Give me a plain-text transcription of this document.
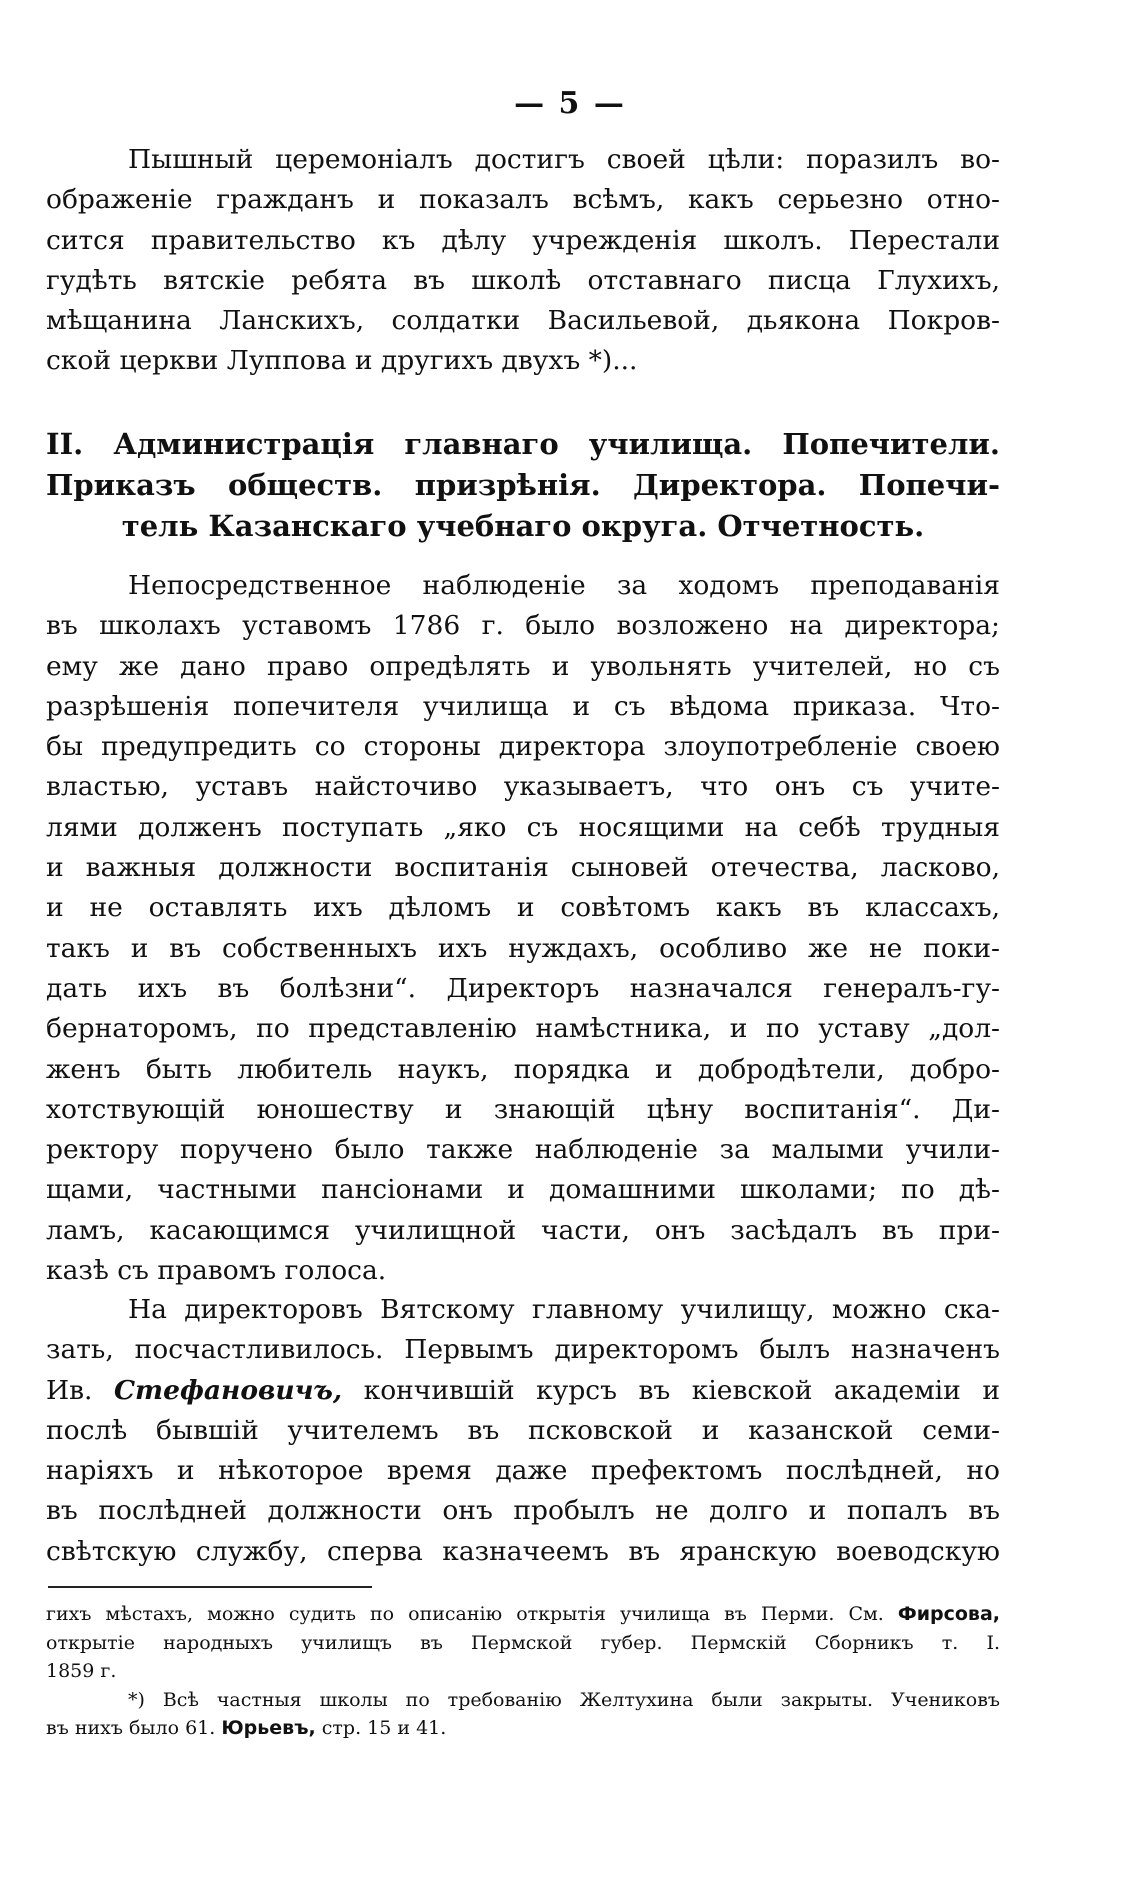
— 5 —
Пышный церемоніалъ достигъ своей цѣли: поразилъ во-
ображеніе гражданъ и показалъ всѣмъ, какъ серьезно отно-
сится правительство къ дѣлу учрежденія школъ. Перестали
гудѣть вятскіе ребята въ школѣ отставнаго писца Глухихъ,
мѣщанина Ланскихъ, солдатки Васильевой, дьякона Покров-
ской церкви Луппова и другихъ двухъ *)...
II. Администрація главнаго училища. Попечители.
Приказъ обществ. призрѣнія. Директора. Попечи-
тель Казанскаго учебнаго округа. Отчетность.
Непосредственное наблюденіе за ходомъ преподаванія
въ школахъ уставомъ 1786 г. было возложено на директора;
ему же дано право опредѣлять и увольнять учителей, но съ
разрѣшенія попечителя училища и съ вѣдома приказа. Что-
бы предупредить со стороны директора злоупотребленіе своею
властью, уставъ найсточиво указываетъ, что онъ съ учите-
лями долженъ поступать „яко съ носящими на себѣ трудныя
и важныя должности воспитанія сыновей отечества, ласково,
и не оставлять ихъ дѣломъ и совѣтомъ какъ въ классахъ,
такъ и въ собственныхъ ихъ нуждахъ, особливо же не поки-
дать ихъ въ болѣзни“. Директоръ назначался генералъ-гу-
бернаторомъ, по представленію намѣстника, и по уставу „дол-
женъ быть любитель наукъ, порядка и добродѣтели, добро-
хотствующій юношеству и знающій цѣну воспитанія“. Ди-
ректору поручено было также наблюденіе за малыми учили-
щами, частными пансіонами и домашними школами; по дѣ-
ламъ, касающимся училищной части, онъ засѣдалъ въ при-
казѣ съ правомъ голоса.
На директоровъ Вятскому главному училищу, можно ска-
зать, посчастливилось. Первымъ директоромъ былъ назначенъ
Ив. Стефановичъ, кончившій курсъ въ кіевской академіи и
послѣ бывшій учителемъ въ псковской и казанской семи-
наріяхъ и нѣкоторое время даже префектомъ послѣдней, но
въ послѣдней должности онъ пробылъ не долго и попалъ въ
свѣтскую службу, сперва казначеемъ въ яранскую воеводскую
гихъ мѣстахъ, можно судить по описанію открытія училища въ Перми. См. Фирсова,
открытіе народныхъ училищъ въ Пермской губер. Пермскій Сборникъ т. I.
1859 г.
*) Всѣ частныя школы по требованію Желтухина были закрыты. Учениковъ
въ нихъ было 61. Юрьевъ, стр. 15 и 41.
